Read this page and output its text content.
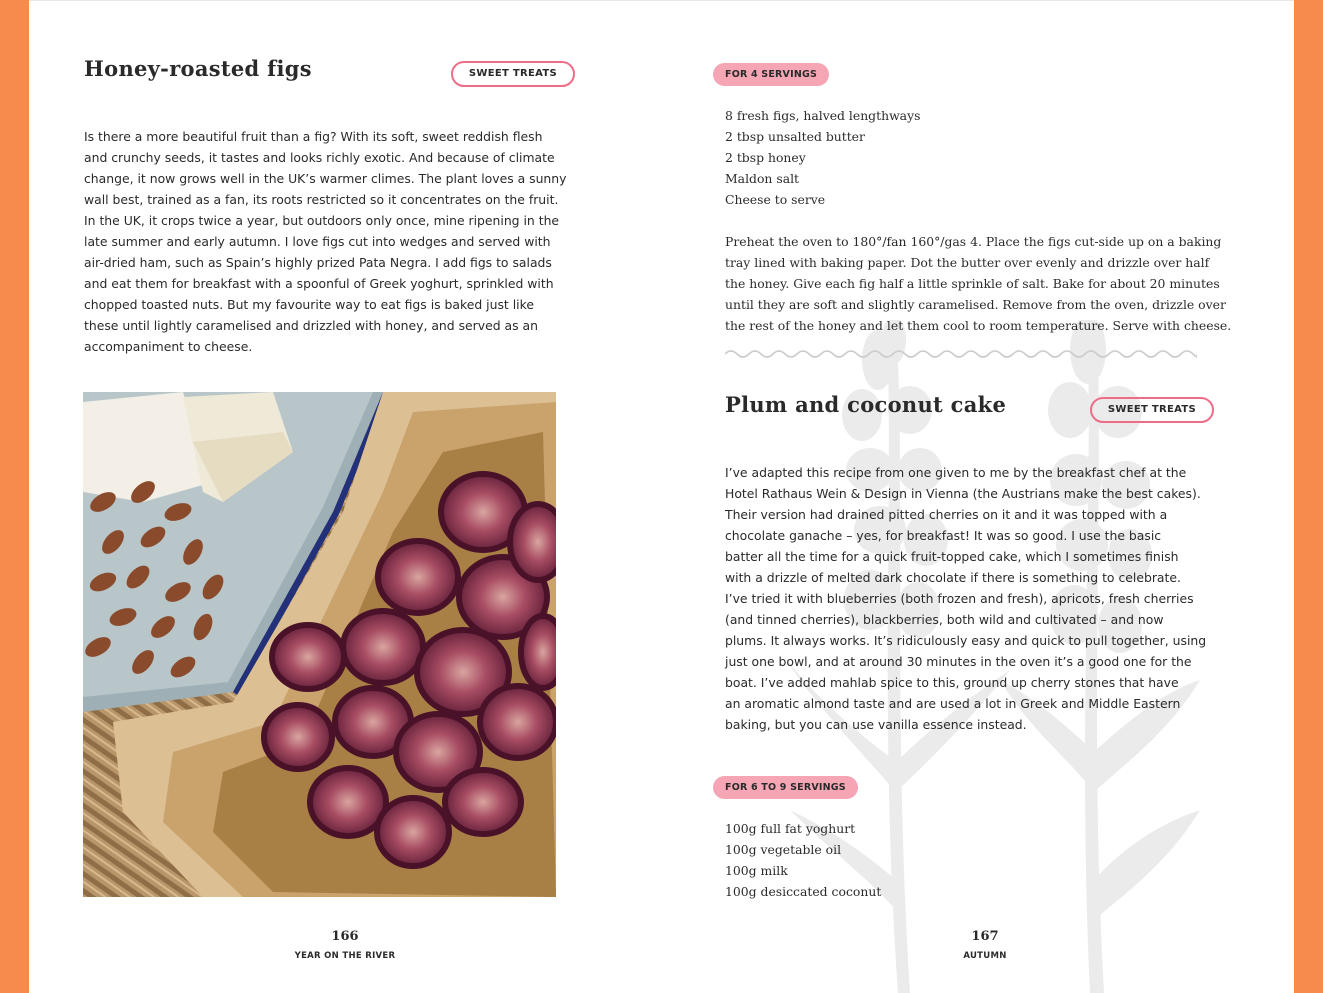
Honey-roasted figs	SWEET TREATS
Is there a more beautiful fruit than a fig? With its soft, sweet reddish flesh
and crunchy seeds, it tastes and looks richly exotic. And because of climate
change, it now grows well in the UK’s warmer climes. The plant loves a sunny
wall best, trained as a fan, its roots restricted so it concentrates on the fruit.
In the UK, it crops twice a year, but outdoors only once, mine ripening in the
late summer and early autumn. I love figs cut into wedges and served with
air-dried ham, such as Spain’s highly prized Pata Negra. I add figs to salads
and eat them for breakfast with a spoonful of Greek yoghurt, sprinkled with
chopped toasted nuts. But my favourite way to eat figs is baked just like
these until lightly caramelised and drizzled with honey, and served as an
accompaniment to cheese.
166
YEAR ON THE RIVER
FOR 4 SERVINGS
8 fresh figs, halved lengthways
2 tbsp unsalted butter
2 tbsp honey
Maldon salt
Cheese to serve
Preheat the oven to 180°/fan 160°/gas 4. Place the figs cut-side up on a baking
tray lined with baking paper. Dot the butter over evenly and drizzle over half
the honey. Give each fig half a little sprinkle of salt. Bake for about 20 minutes
until they are soft and slightly caramelised. Remove from the oven, drizzle over
the rest of the honey and let them cool to room temperature. Serve with cheese.
Plum and coconut cake	SWEET TREATS
I’ve adapted this recipe from one given to me by the breakfast chef at the
Hotel Rathaus Wein & Design in Vienna (the Austrians make the best cakes).
Their version had drained pitted cherries on it and it was topped with a
chocolate ganache – yes, for breakfast! It was so good. I use the basic
batter all the time for a quick fruit-topped cake, which I sometimes finish
with a drizzle of melted dark chocolate if there is something to celebrate.
I’ve tried it with blueberries (both frozen and fresh), apricots, fresh cherries
(and tinned cherries), blackberries, both wild and cultivated – and now
plums. It always works. It’s ridiculously easy and quick to pull together, using
just one bowl, and at around 30 minutes in the oven it’s a good one for the
boat. I’ve added mahlab spice to this, ground up cherry stones that have
an aromatic almond taste and are used a lot in Greek and Middle Eastern
baking, but you can use vanilla essence instead.
FOR 6 TO 9 SERVINGS
100g full fat yoghurt
100g vegetable oil
100g milk
100g desiccated coconut
167
AUTUMN
